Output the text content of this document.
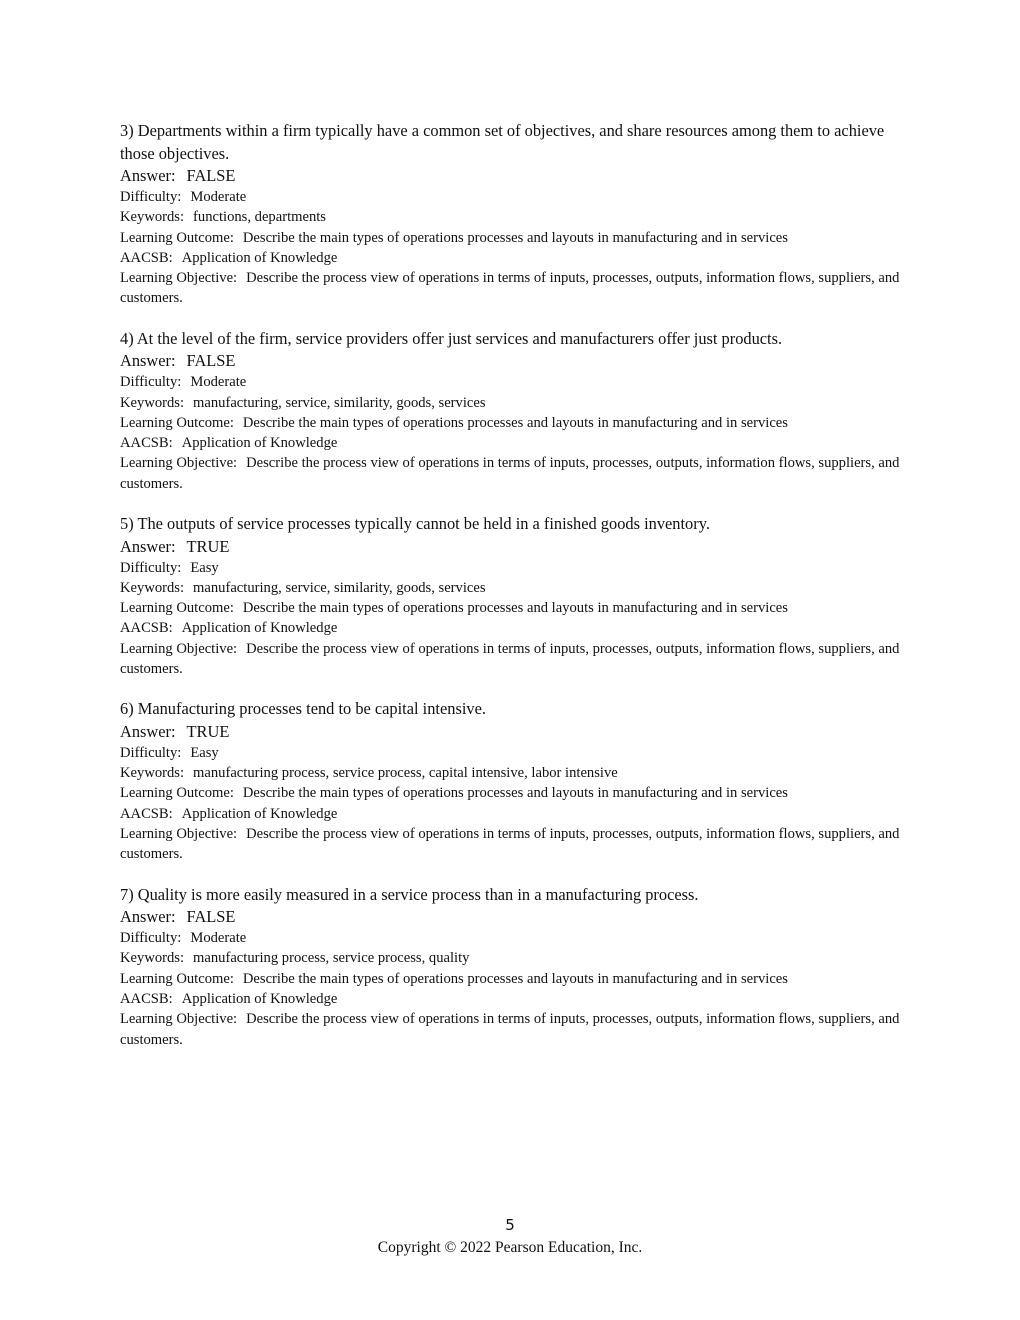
3) Departments within a firm typically have a common set of objectives, and share resources among them to achieve those objectives.
Answer: FALSE
Difficulty: Moderate
Keywords: functions, departments
Learning Outcome: Describe the main types of operations processes and layouts in manufacturing and in services
AACSB: Application of Knowledge
Learning Objective: Describe the process view of operations in terms of inputs, processes, outputs, information flows, suppliers, and customers.
4) At the level of the firm, service providers offer just services and manufacturers offer just products.
Answer: FALSE
Difficulty: Moderate
Keywords: manufacturing, service, similarity, goods, services
Learning Outcome: Describe the main types of operations processes and layouts in manufacturing and in services
AACSB: Application of Knowledge
Learning Objective: Describe the process view of operations in terms of inputs, processes, outputs, information flows, suppliers, and customers.
5) The outputs of service processes typically cannot be held in a finished goods inventory.
Answer: TRUE
Difficulty: Easy
Keywords: manufacturing, service, similarity, goods, services
Learning Outcome: Describe the main types of operations processes and layouts in manufacturing and in services
AACSB: Application of Knowledge
Learning Objective: Describe the process view of operations in terms of inputs, processes, outputs, information flows, suppliers, and customers.
6) Manufacturing processes tend to be capital intensive.
Answer: TRUE
Difficulty: Easy
Keywords: manufacturing process, service process, capital intensive, labor intensive
Learning Outcome: Describe the main types of operations processes and layouts in manufacturing and in services
AACSB: Application of Knowledge
Learning Objective: Describe the process view of operations in terms of inputs, processes, outputs, information flows, suppliers, and customers.
7) Quality is more easily measured in a service process than in a manufacturing process.
Answer: FALSE
Difficulty: Moderate
Keywords: manufacturing process, service process, quality
Learning Outcome: Describe the main types of operations processes and layouts in manufacturing and in services
AACSB: Application of Knowledge
Learning Objective: Describe the process view of operations in terms of inputs, processes, outputs, information flows, suppliers, and customers.
5
Copyright © 2022 Pearson Education, Inc.
